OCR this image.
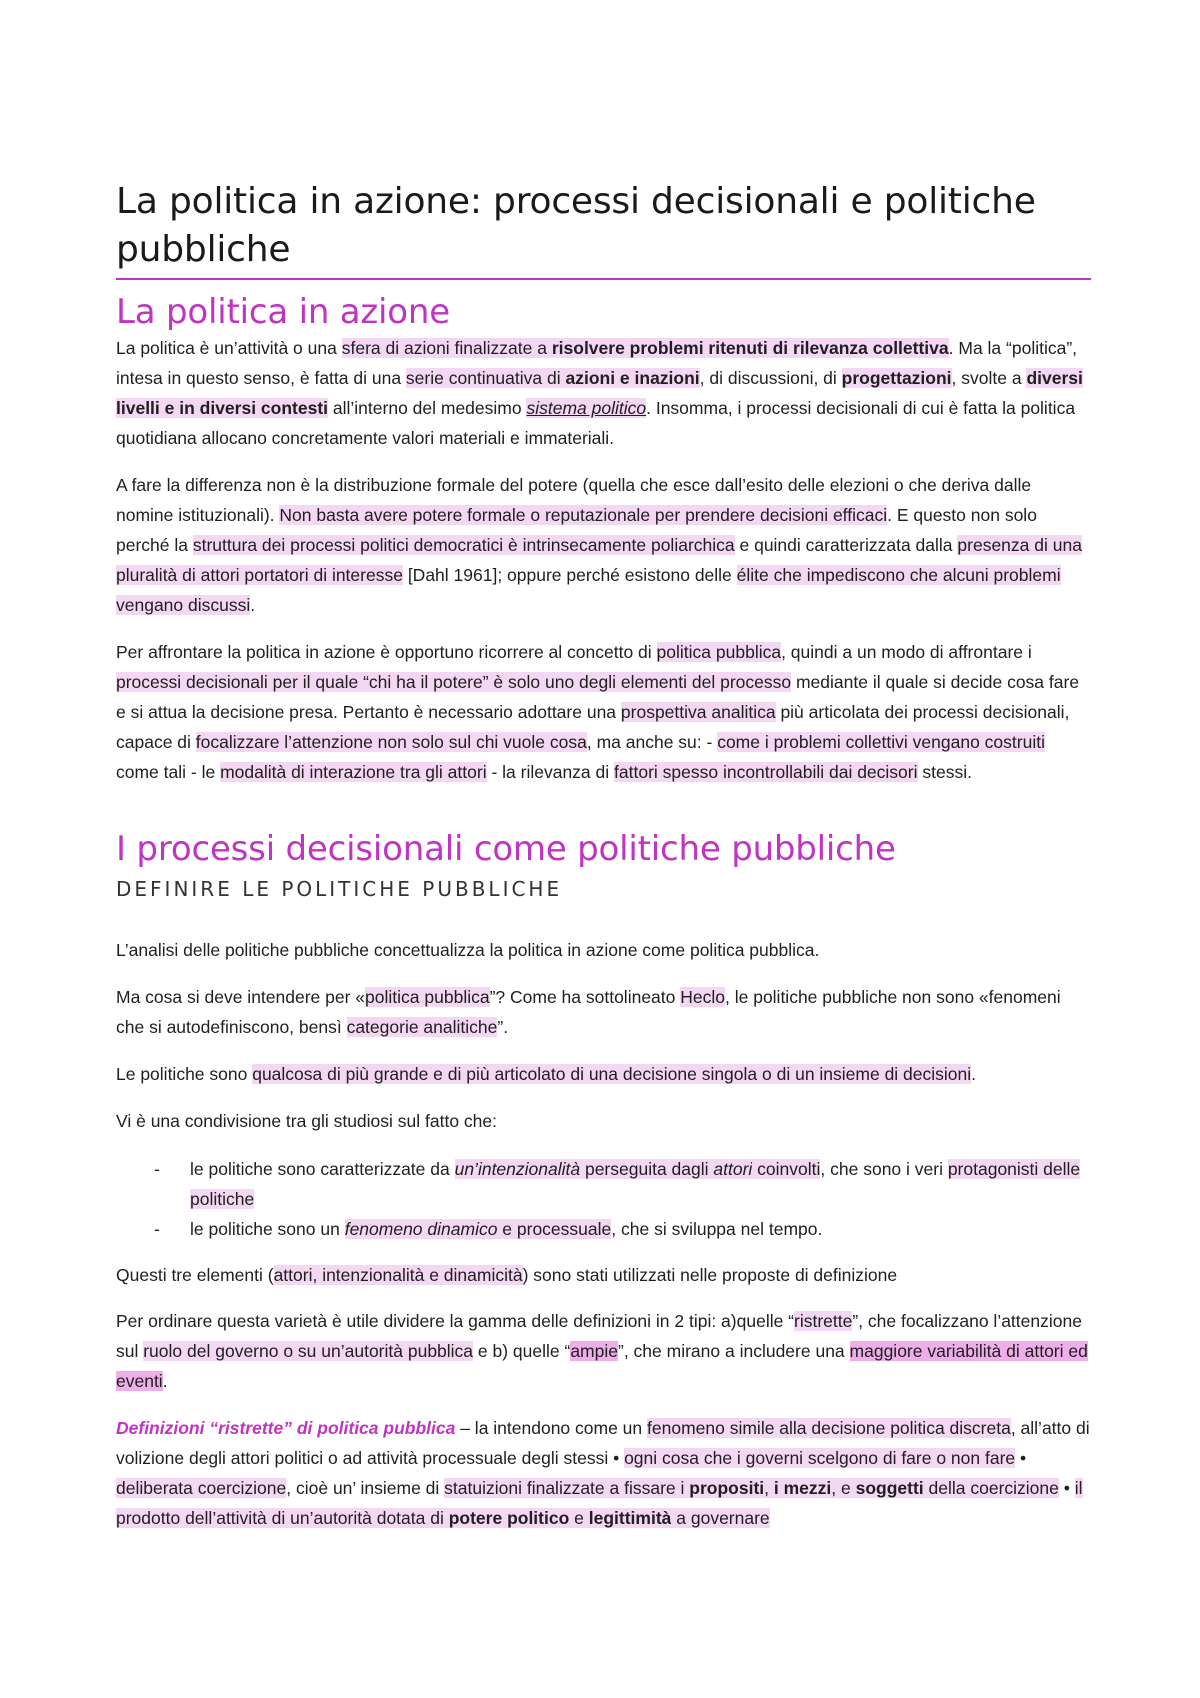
La politica in azione: processi decisionali e politiche pubbliche
La politica in azione

La politica è un’attività o una sfera di azioni finalizzate a risolvere problemi ritenuti di rilevanza collettiva. Ma la “politica”, intesa in questo senso, è fatta di una serie continuativa di azioni e inazioni, di discussioni, di progettazioni, svolte a diversi livelli e in diversi contesti all’interno del medesimo sistema politico. Insomma, i processi decisionali di cui è fatta la politica quotidiana allocano concretamente valori materiali e immateriali.

A fare la differenza non è la distribuzione formale del potere (quella che esce dall’esito delle elezioni o che deriva dalle nomine istituzionali). Non basta avere potere formale o reputazionale per prendere decisioni efficaci. E questo non solo perché la struttura dei processi politici democratici è intrinsecamente poliarchica e quindi caratterizzata dalla presenza di una pluralità di attori portatori di interesse [Dahl 1961]; oppure perché esistono delle élite che impediscono che alcuni problemi vengano discussi.

Per affrontare la politica in azione è opportuno ricorrere al concetto di politica pubblica, quindi a un modo di affrontare i processi decisionali per il quale “chi ha il potere” è solo uno degli elementi del processo mediante il quale si decide cosa fare e si attua la decisione presa. Pertanto è necessario adottare una prospettiva analitica più articolata dei processi decisionali, capace di focalizzare l’attenzione non solo sul chi vuole cosa, ma anche su: - come i problemi collettivi vengano costruiti come tali - le modalità di interazione tra gli attori - la rilevanza di fattori spesso incontrollabili dai decisori stessi.

I processi decisionali come politiche pubbliche
DEFINIRE LE POLITICHE PUBBLICHE

L’analisi delle politiche pubbliche concettualizza la politica in azione come politica pubblica.

Ma cosa si deve intendere per «politica pubblica”? Come ha sottolineato Heclo, le politiche pubbliche non sono «fenomeni che si autodefiniscono, bensì categorie analitiche”.

Le politiche sono qualcosa di più grande e di più articolato di una decisione singola o di un insieme di decisioni.

Vi è una condivisione tra gli studiosi sul fatto che:

- le politiche sono caratterizzate da un’intenzionalità perseguita dagli attori coinvolti, che sono i veri protagonisti delle politiche
- le politiche sono un fenomeno dinamico e processuale, che si sviluppa nel tempo.

Questi tre elementi (attori, intenzionalità e dinamicità) sono stati utilizzati nelle proposte di definizione

Per ordinare questa varietà è utile dividere la gamma delle definizioni in 2 tipi: a)quelle “ristrette”, che focalizzano l’attenzione sul ruolo del governo o su un’autorità pubblica e b) quelle “ampie”, che mirano a includere una maggiore variabilità di attori ed eventi.

Definizioni “ristrette” di politica pubblica – la intendono come un fenomeno simile alla decisione politica discreta, all’atto di volizione degli attori politici o ad attività processuale degli stessi • ogni cosa che i governi scelgono di fare o non fare • deliberata coercizione, cioè un’ insieme di statuizioni finalizzate a fissare i propositi, i mezzi, e soggetti della coercizione • il prodotto dell’attività di un’autorità dotata di potere politico e legittimità a governare
